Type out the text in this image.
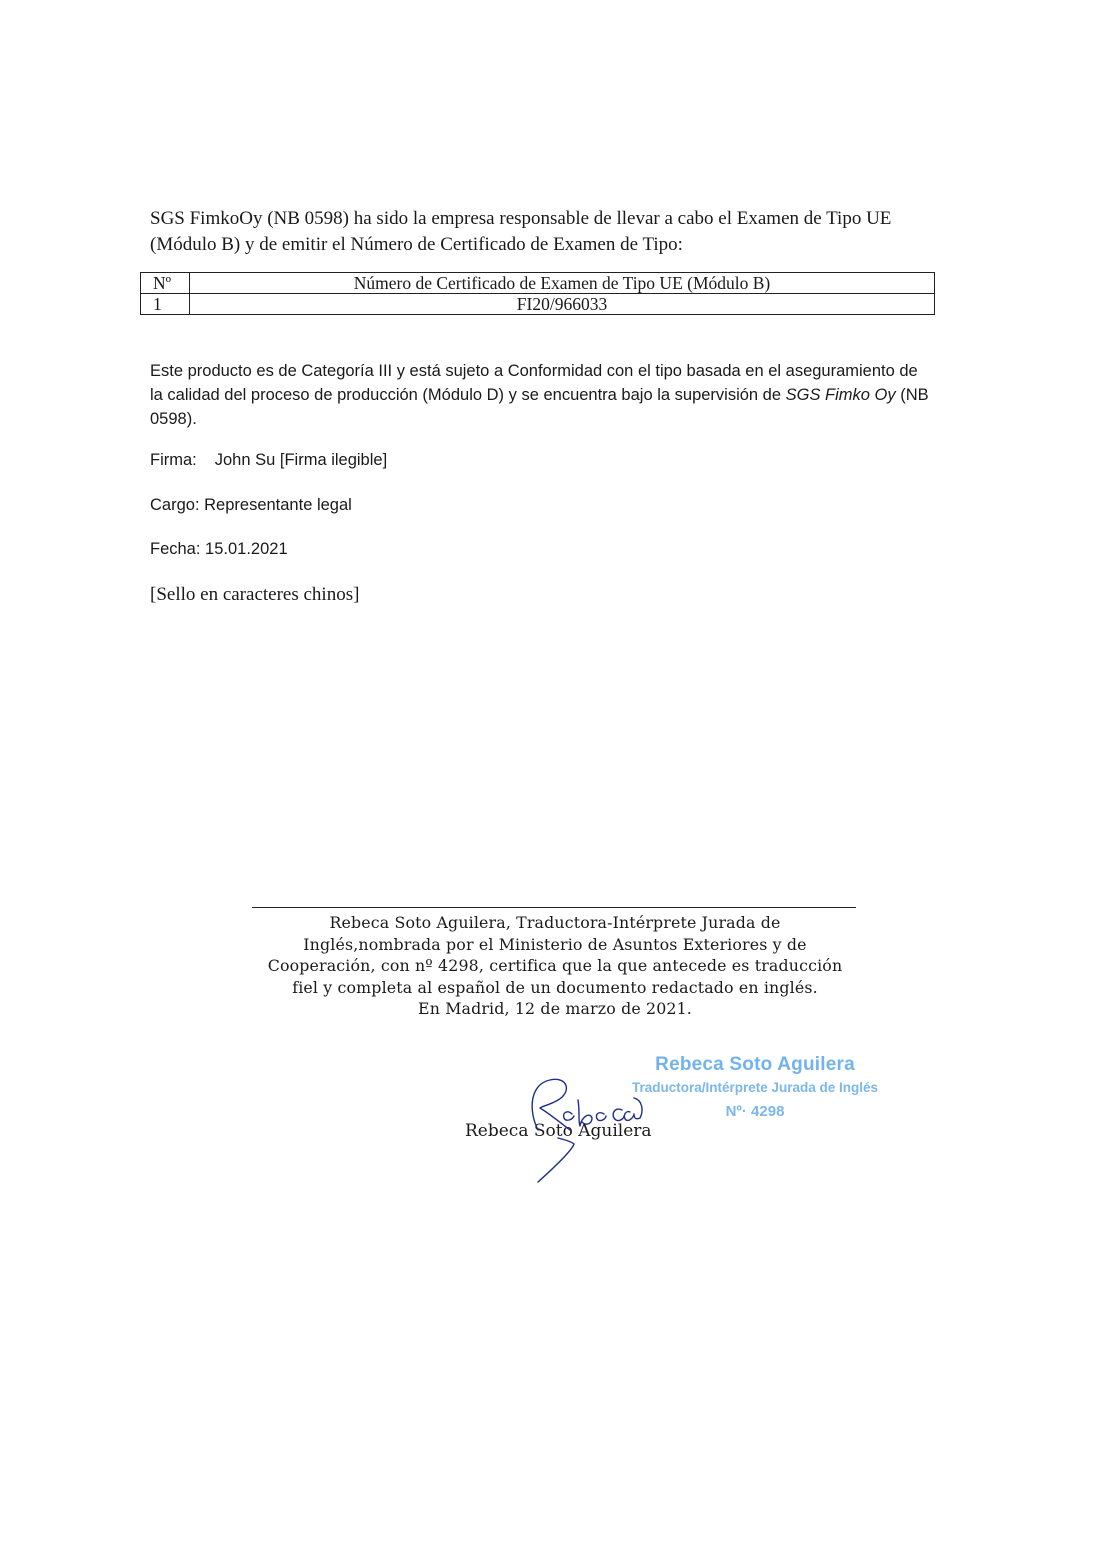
SGS FimkoOy (NB 0598) ha sido la empresa responsable de llevar a cabo el Examen de Tipo UE
(Módulo B) y de emitir el Número de Certificado de Examen de Tipo:

Nº	Número de Certificado de Examen de Tipo UE (Módulo B)
1	FI20/966033

Este producto es de Categoría III y está sujeto a Conformidad con el tipo basada en el aseguramiento de
la calidad del proceso de producción (Módulo D) y se encuentra bajo la supervisión de SGS Fimko Oy (NB
0598).

Firma: John Su [Firma ilegible]
Cargo: Representante legal
Fecha: 15.01.2021
[Sello en caracteres chinos]
Rebeca Soto Aguilera, Traductora-Intérprete Jurada de
Inglés,nombrada por el Ministerio de Asuntos Exteriores y de
Cooperación, con nº 4298, certifica que la que antecede es traducción
fiel y completa al español de un documento redactado en inglés.
En Madrid, 12 de marzo de 2021.
Rebeca Soto Aguilera
Rebeca Soto Aguilera
Traductora/Intérprete Jurada de Inglés
Nº· 4298
